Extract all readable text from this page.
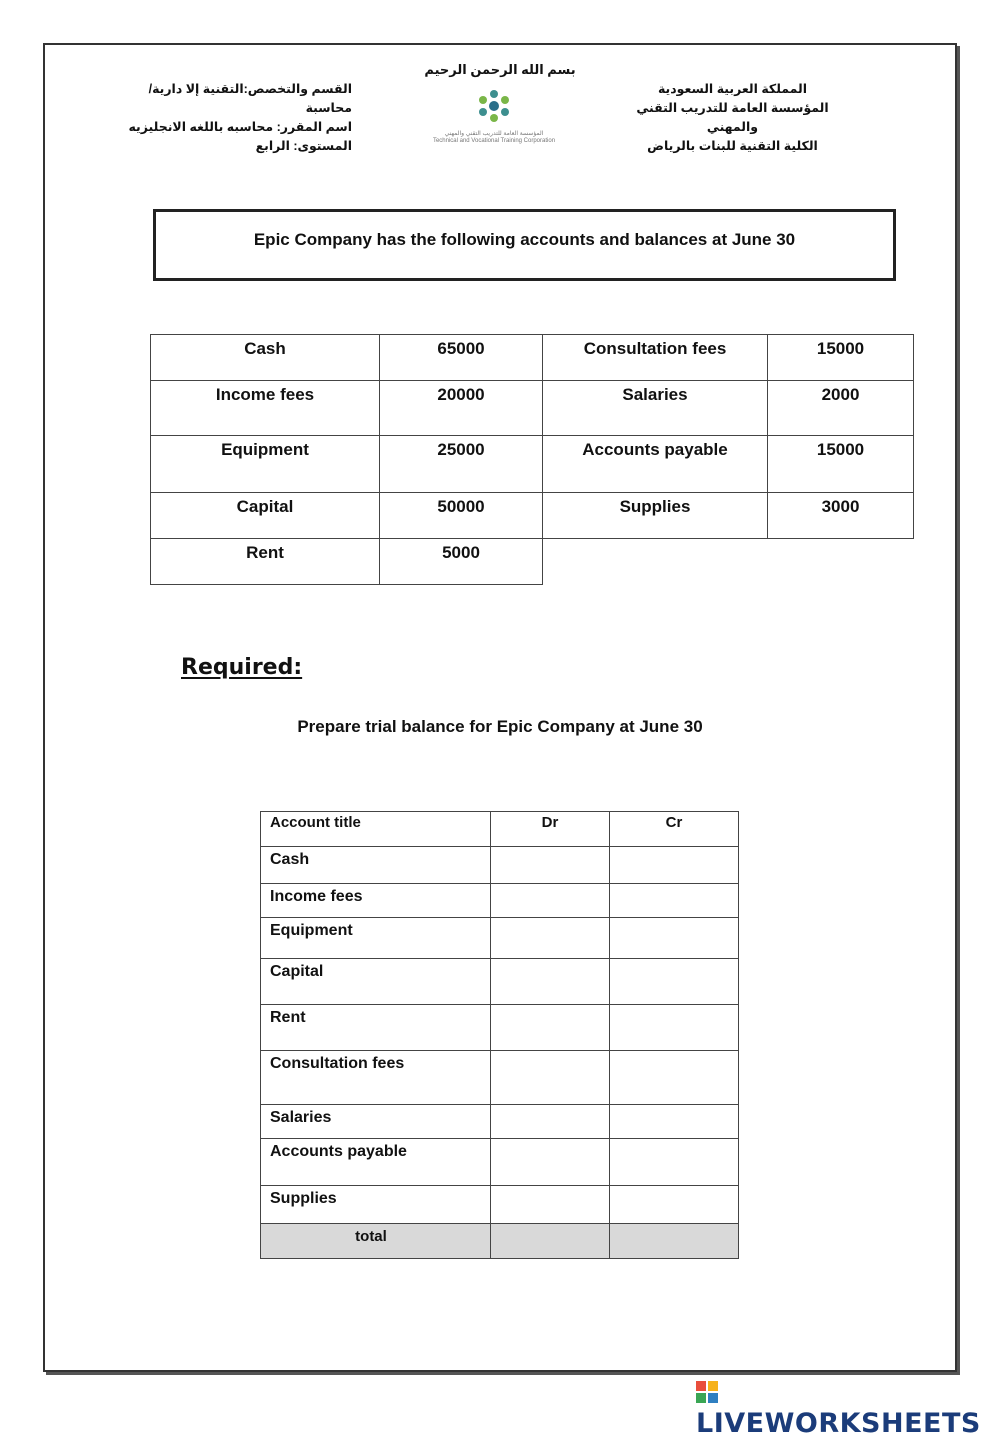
بسم الله الرحمن الرحيم
القسم والتخصص:التقنية إلا دارية/محاسبة
اسم المقرر: محاسبه باللغه الانجليزيه
المستوى: الرابع
المؤسسة العامة للتدريب التقني والمهني
Technical and Vocational Training Corporation
المملكة العربية السعودية
المؤسسة العامة للتدريب التقني والمهني
الكلية التقنية للبنات بالرياض
Epic Company has the following accounts and balances at June 30
Cash	65000	Consultation fees	15000
Income fees	20000	Salaries	2000
Equipment	25000	Accounts payable	15000
Capital	50000	Supplies	3000
Rent	5000		
Required:
Prepare trial balance for Epic Company at June 30
Account title	Dr	Cr
Cash		
Income fees		
Equipment		
Capital		
Rent		
Consultation fees		
Salaries		
Accounts payable		
Supplies		
total		
LIVEWORKSHEETS
